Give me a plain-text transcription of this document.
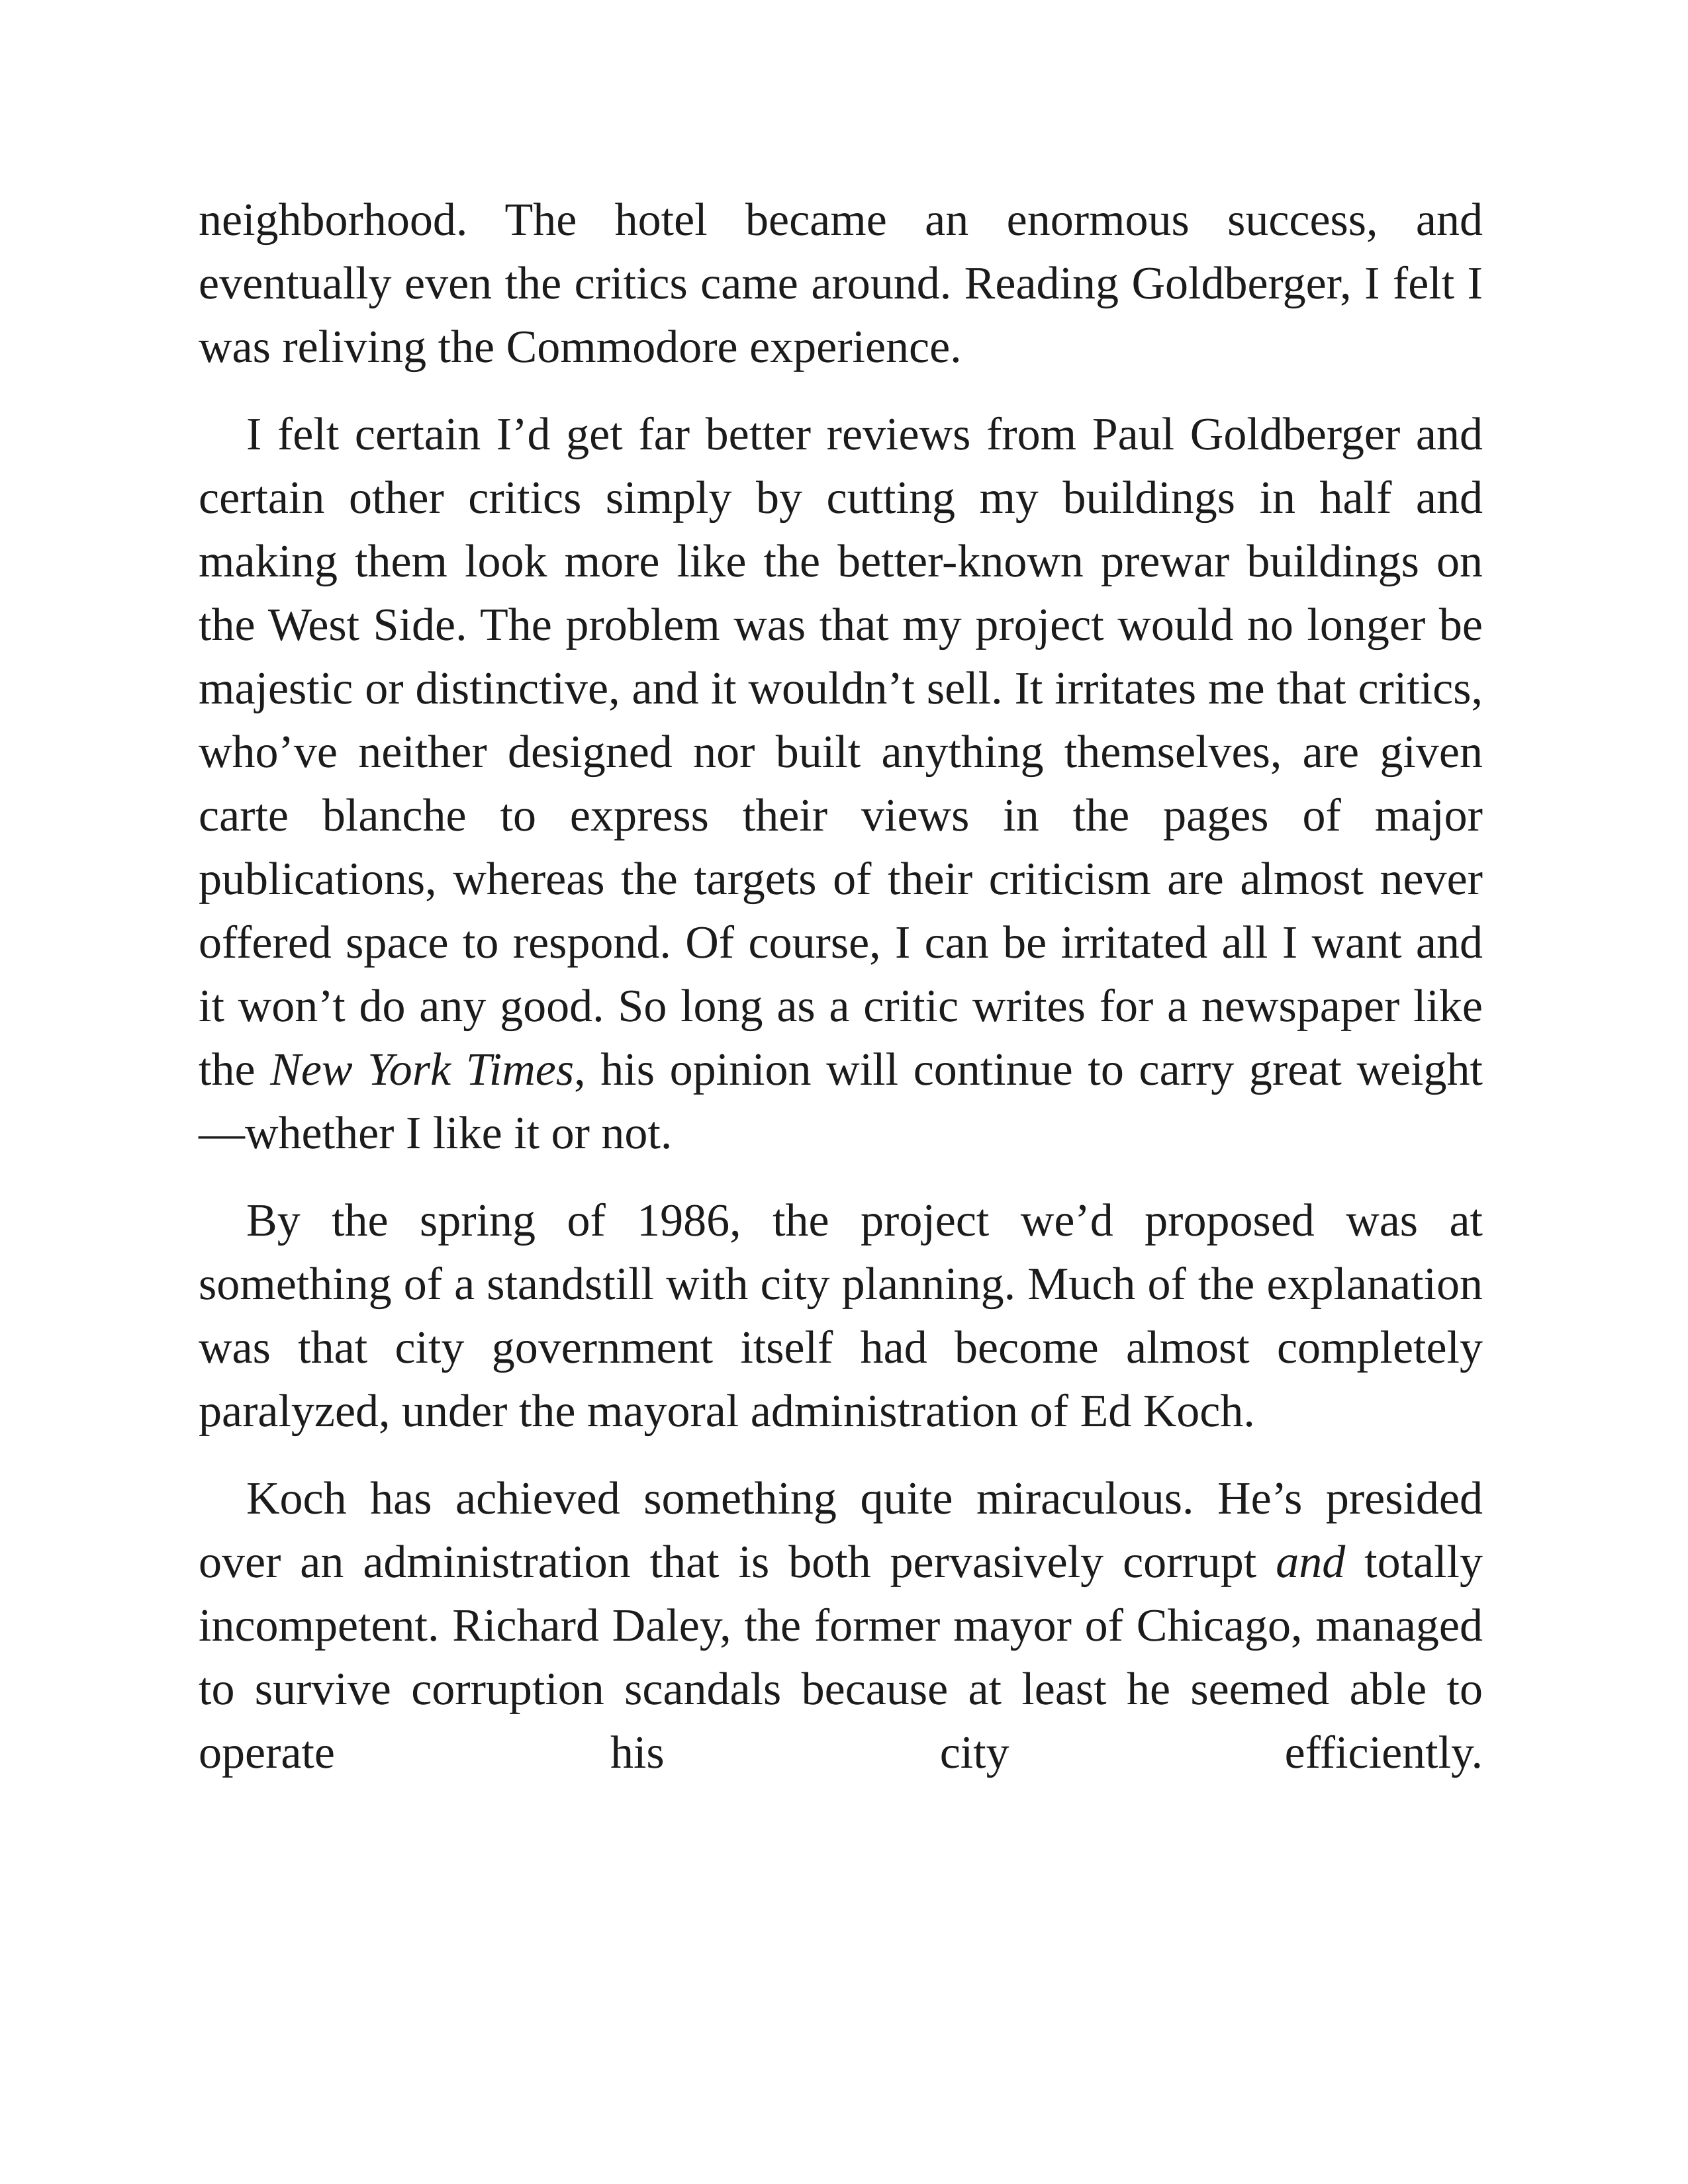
neighborhood. The hotel became an enormous success, and eventually even the critics came around. Reading Goldberger, I felt I was reliving the Commodore experience.

I felt certain I’d get far better reviews from Paul Goldberger and certain other critics simply by cutting my buildings in half and making them look more like the better-known prewar buildings on the West Side. The problem was that my project would no longer be majestic or distinctive, and it wouldn’t sell. It irritates me that critics, who’ve neither designed nor built anything themselves, are given carte blanche to express their views in the pages of major publications, whereas the targets of their criticism are almost never offered space to respond. Of course, I can be irritated all I want and it won’t do any good. So long as a critic writes for a newspaper like the New York Times, his opinion will continue to carry great weight—whether I like it or not.

By the spring of 1986, the project we’d proposed was at something of a standstill with city planning. Much of the explanation was that city government itself had become almost completely paralyzed, under the mayoral administration of Ed Koch.

Koch has achieved something quite miraculous. He’s presided over an administration that is both pervasively corrupt and totally incompetent. Richard Daley, the former mayor of Chicago, managed to survive corruption scandals because at least he seemed able to operate his city efficiently.
